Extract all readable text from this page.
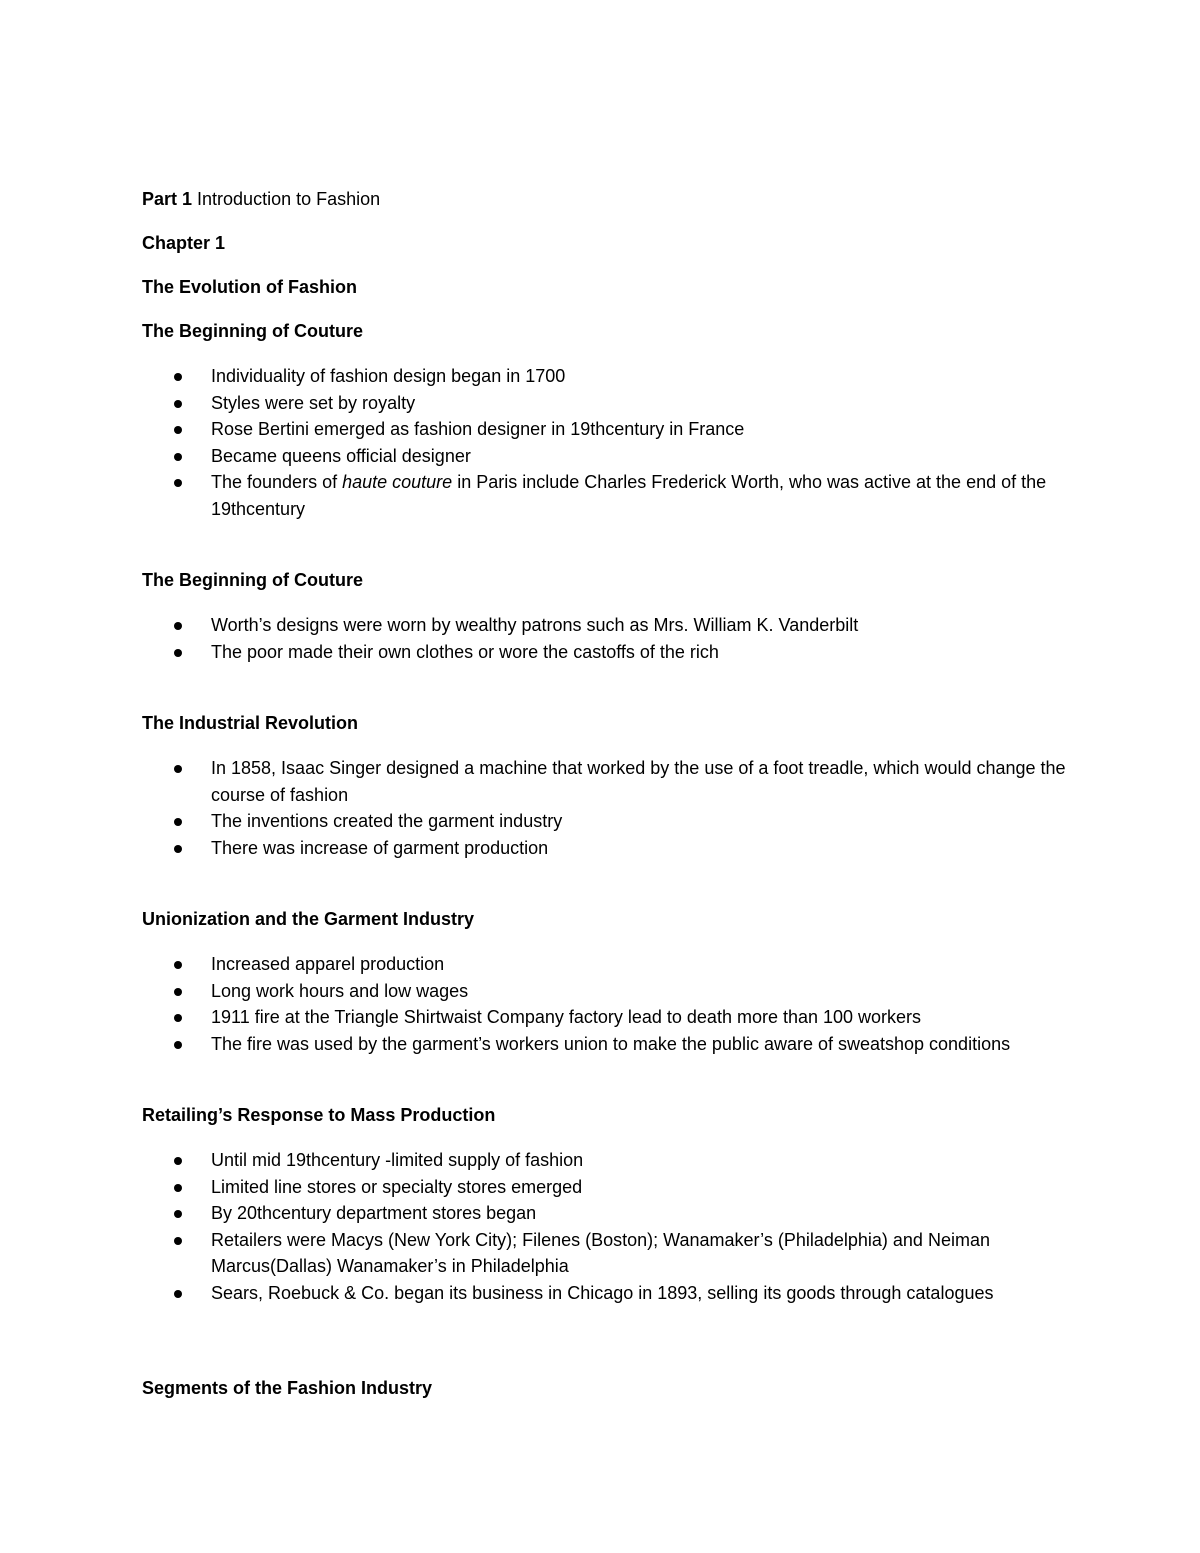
Part 1 Introduction to Fashion

Chapter 1

The Evolution of Fashion

The Beginning of Couture

Individuality of fashion design began in 1700
Styles were set by royalty
Rose Bertini emerged as fashion designer in 19thcentury in France
Became queens official designer
The founders of haute couture in Paris include Charles Frederick Worth, who was active at the end of the 19thcentury

The Beginning of Couture

Worth’s designs were worn by wealthy patrons such as Mrs. William K. Vanderbilt
The poor made their own clothes or wore the castoffs of the rich

The Industrial Revolution

In 1858, Isaac Singer designed a machine that worked by the use of a foot treadle, which would change the course of fashion
The inventions created the garment industry
There was increase of garment production

Unionization and the Garment Industry

Increased apparel production
Long work hours and low wages
1911 fire at the Triangle Shirtwaist Company factory lead to death more than 100 workers
The fire was used by the garment’s workers union to make the public aware of sweatshop conditions

Retailing’s Response to Mass Production

Until mid 19thcentury -limited supply of fashion
Limited line stores or specialty stores emerged
By 20thcentury department stores began
Retailers were Macys (New York City); Filenes (Boston); Wanamaker’s (Philadelphia) and Neiman Marcus(Dallas) Wanamaker’s in Philadelphia
Sears, Roebuck & Co. began its business in Chicago in 1893, selling its goods through catalogues

Segments of the Fashion Industry
